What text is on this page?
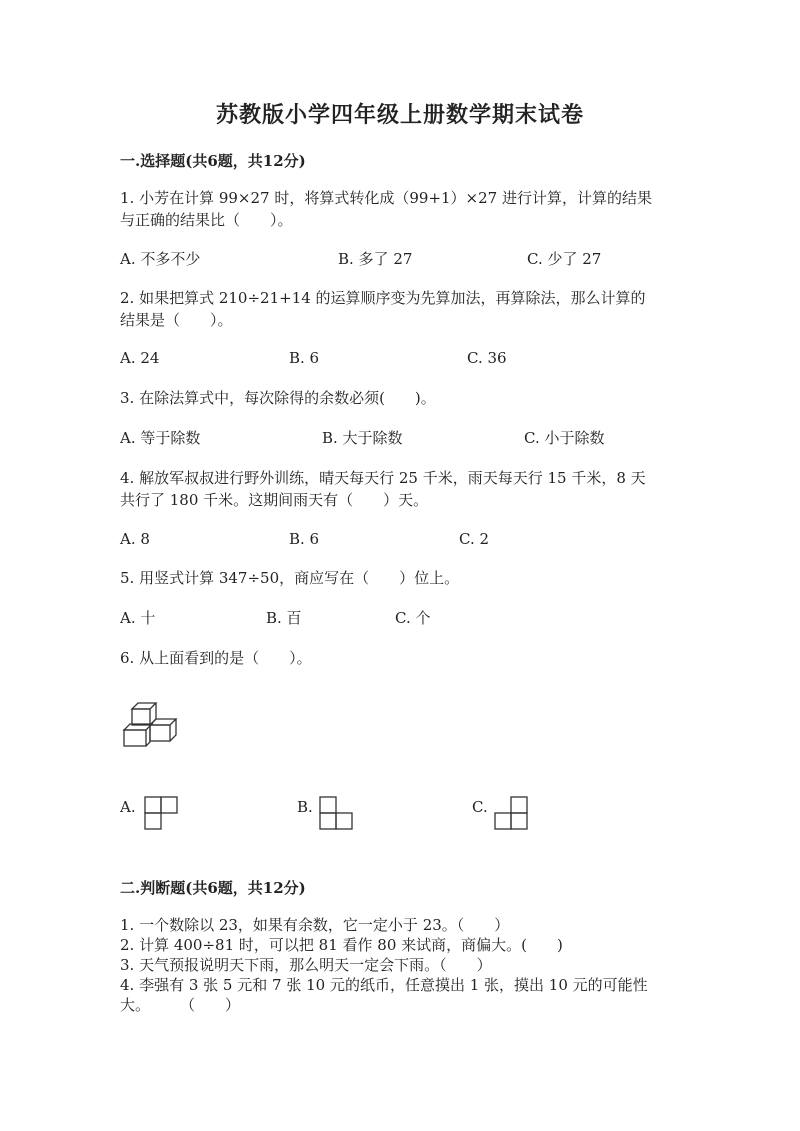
苏教版小学四年级上册数学期末试卷

一.选择题(共6题，共12分)

1. 小芳在计算 99×27 时，将算式转化成（99+1）×27 进行计算，计算的结果
与正确的结果比（　　）。

A. 不多不少	B. 多了 27	C. 少了 27

2. 如果把算式 210÷21+14 的运算顺序变为先算加法，再算除法，那么计算的
结果是（　　）。

A. 24	B. 6	C. 36

3. 在除法算式中，每次除得的余数必须(　　)。

A. 等于除数	B. 大于除数	C. 小于除数

4. 解放军叔叔进行野外训练，晴天每天行 25 千米，雨天每天行 15 千米，8 天
共行了 180 千米。这期间雨天有（　　）天。

A. 8	B. 6	C. 2

5. 用竖式计算 347÷50，商应写在（　　）位上。

A. 十	B. 百	C. 个

6. 从上面看到的是（　　）。

A.	B.	C.

二.判断题(共6题，共12分)

1. 一个数除以 23，如果有余数，它一定小于 23。（　　）
2. 计算 400÷81 时，可以把 81 看作 80 来试商，商偏大。(　　)
3. 天气预报说明天下雨，那么明天一定会下雨。（　　）
4. 李强有 3 张 5 元和 7 张 10 元的纸币，任意摸出 1 张，摸出 10 元的可能性
大。　　　（　　）
